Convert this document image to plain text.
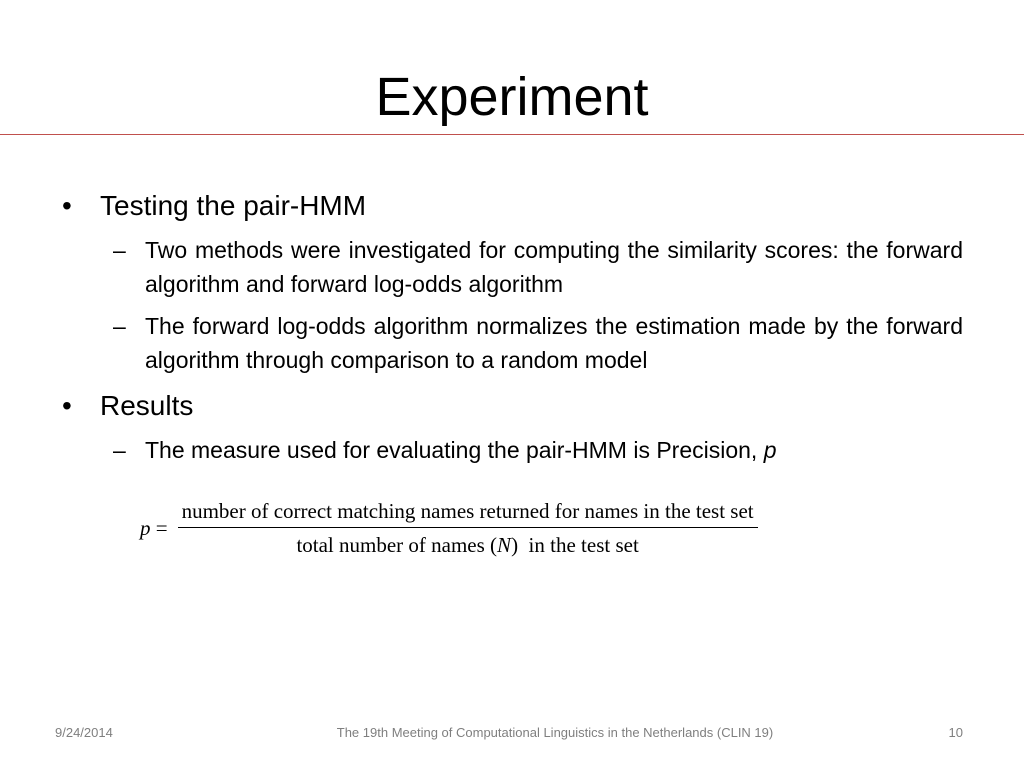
Experiment
•	Testing the pair-HMM
– Two methods were investigated for computing the similarity scores: the forward algorithm and forward log-odds algorithm
– The forward log-odds algorithm normalizes the estimation made by the forward algorithm through comparison to a random model
•	Results
– The measure used for evaluating the pair-HMM is Precision, p
p =
number of correct matching names returned for names in the test set
total number of names (N)  in the test set
9/24/2014	The 19th Meeting of Computational Linguistics in the Netherlands (CLIN 19)	10
